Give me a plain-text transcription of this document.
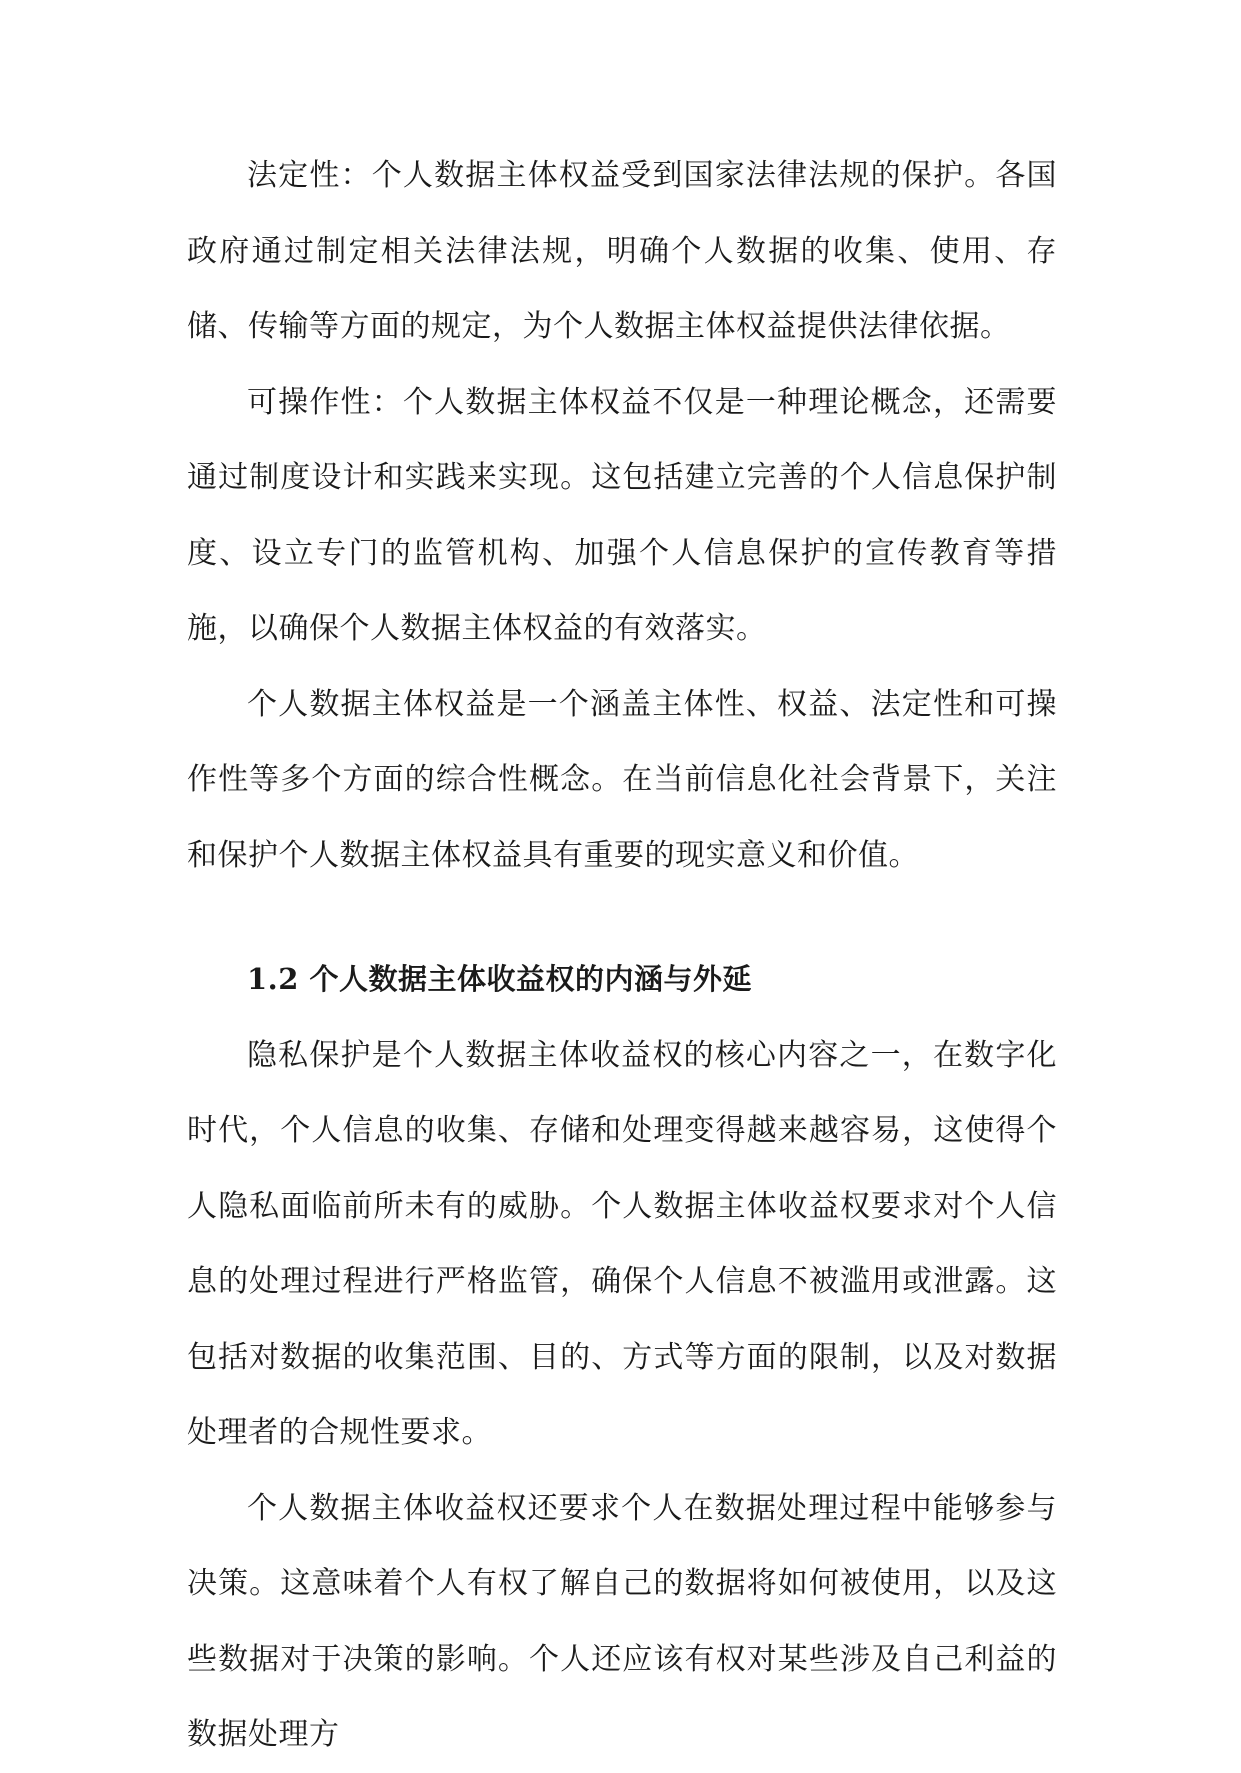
法定性：个人数据主体权益受到国家法律法规的保护。各国政府通过制定相关法律法规，明确个人数据的收集、使用、存储、传输等方面的规定，为个人数据主体权益提供法律依据。

可操作性：个人数据主体权益不仅是一种理论概念，还需要通过制度设计和实践来实现。这包括建立完善的个人信息保护制度、设立专门的监管机构、加强个人信息保护的宣传教育等措施，以确保个人数据主体权益的有效落实。

个人数据主体权益是一个涵盖主体性、权益、法定性和可操作性等多个方面的综合性概念。在当前信息化社会背景下，关注和保护个人数据主体权益具有重要的现实意义和价值。

1.2 个人数据主体收益权的内涵与外延

隐私保护是个人数据主体收益权的核心内容之一，在数字化时代，个人信息的收集、存储和处理变得越来越容易，这使得个人隐私面临前所未有的威胁。个人数据主体收益权要求对个人信息的处理过程进行严格监管，确保个人信息不被滥用或泄露。这包括对数据的收集范围、目的、方式等方面的限制，以及对数据处理者的合规性要求。

个人数据主体收益权还要求个人在数据处理过程中能够参与决策。这意味着个人有权了解自己的数据将如何被使用，以及这些数据对于决策的影响。个人还应该有权对某些涉及自己利益的数据处理方
